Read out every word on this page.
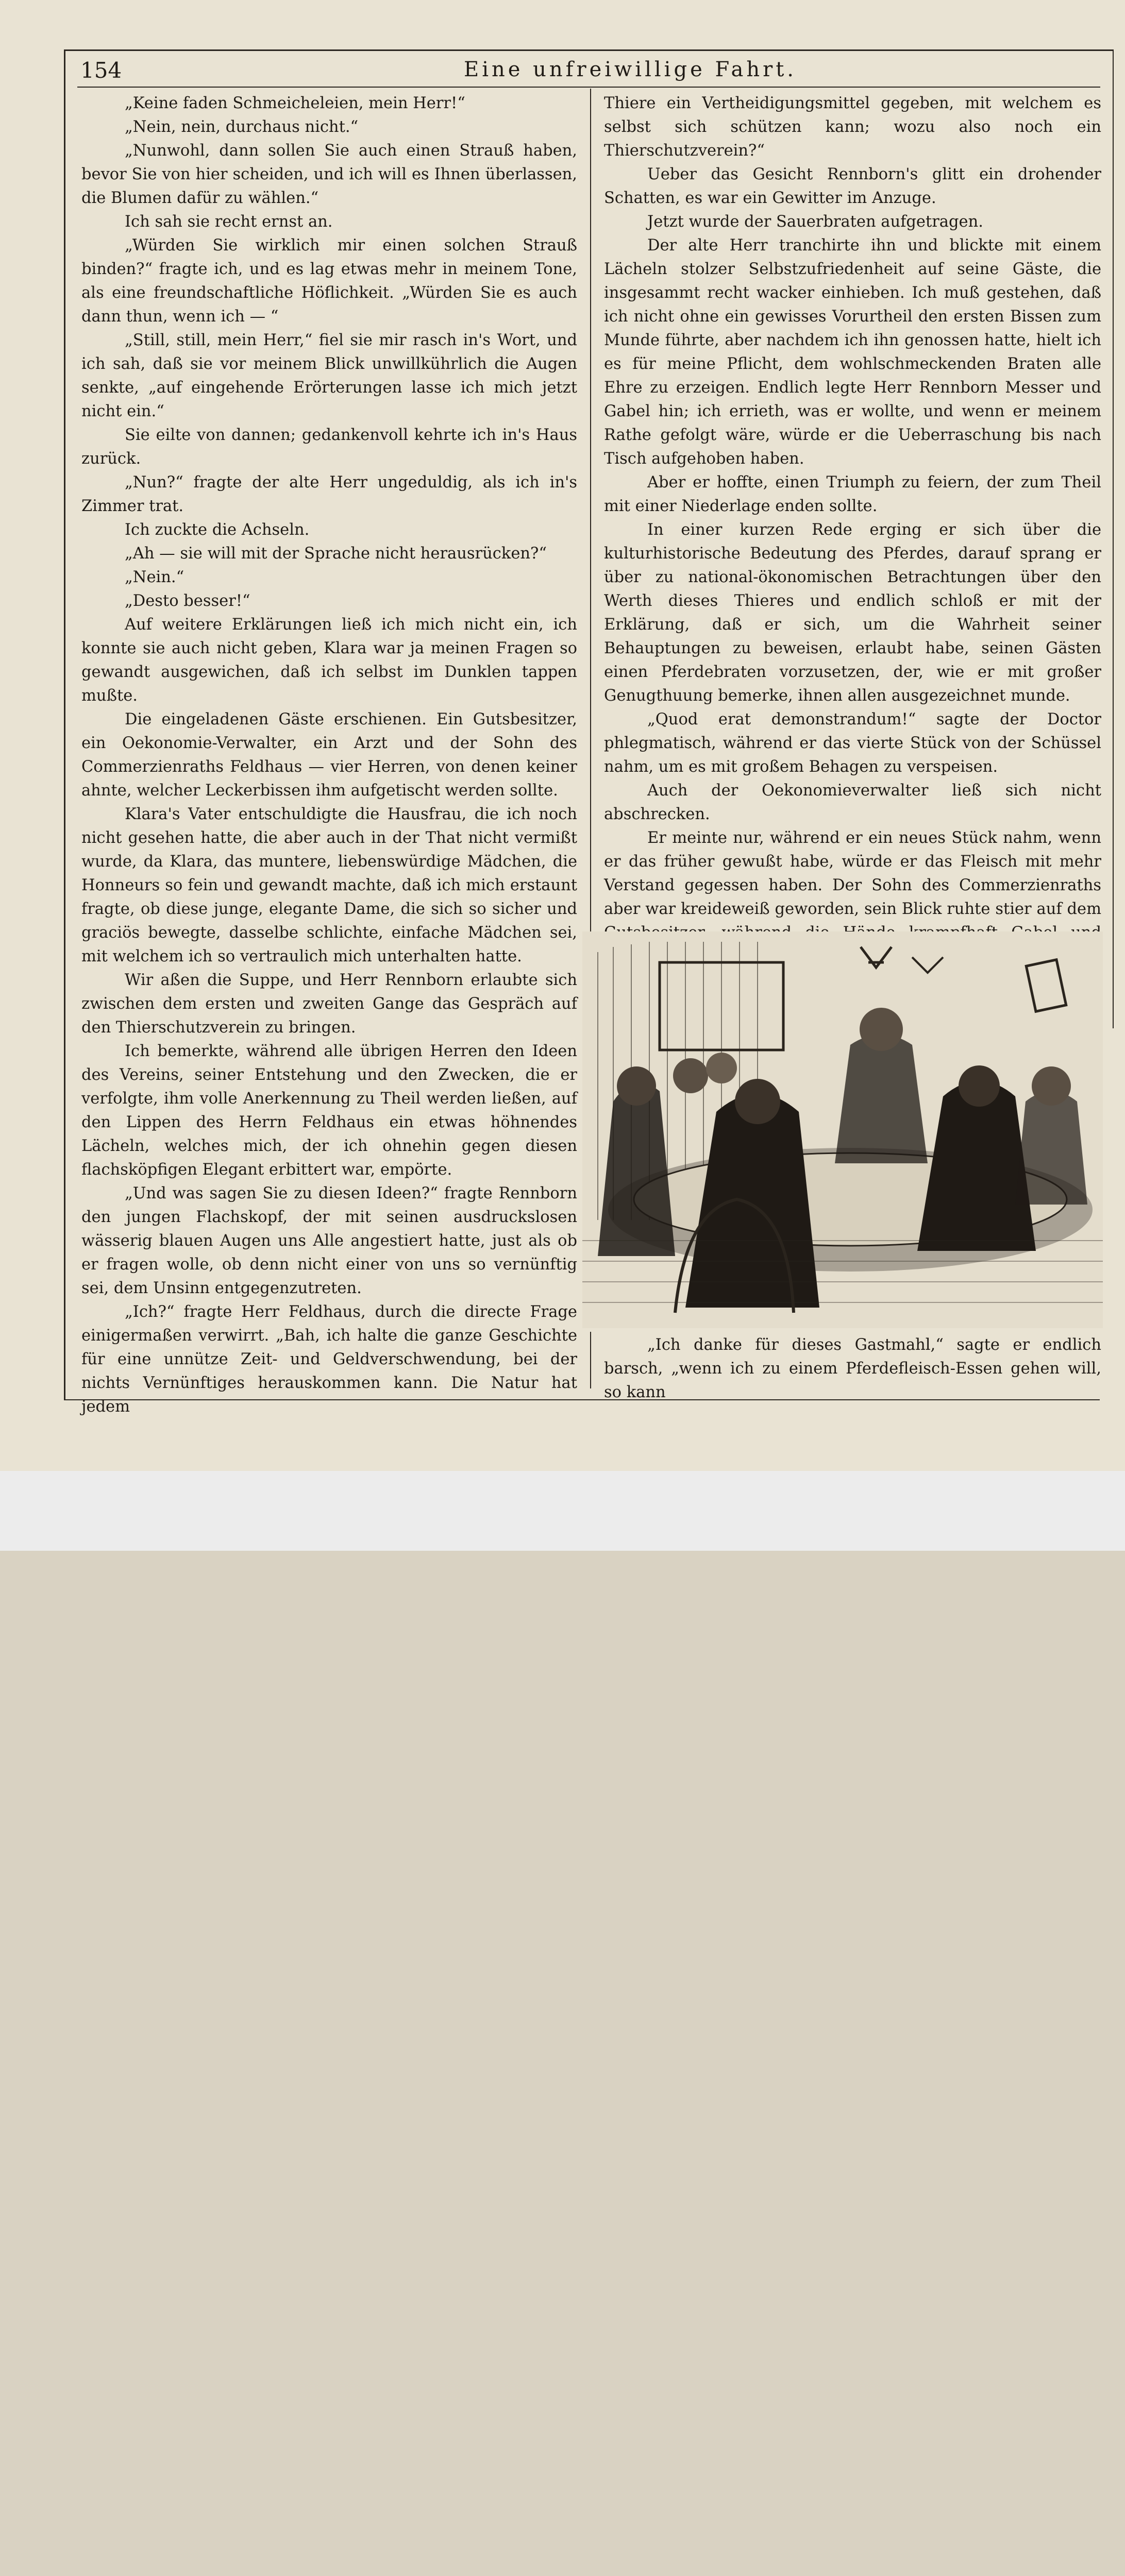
154	Eine unfreiwillige Fahrt.

„Keine faden Schmeicheleien, mein Herr!“

„Nein, nein, durchaus nicht.“

„Nunwohl, dann sollen Sie auch einen Strauß haben, bevor Sie von hier scheiden, und ich will es Ihnen überlassen, die Blumen dafür zu wählen.“

Ich sah sie recht ernst an.

„Würden Sie wirklich mir einen solchen Strauß binden?“ fragte ich, und es lag etwas mehr in meinem Tone, als eine freundschaftliche Höflichkeit. „Würden Sie es auch dann thun, wenn ich — “

„Still, still, mein Herr,“ fiel sie mir rasch in's Wort, und ich sah, daß sie vor meinem Blick unwillkührlich die Augen senkte, „auf eingehende Erörterungen lasse ich mich jetzt nicht ein.“

Sie eilte von dannen; gedankenvoll kehrte ich in's Haus zurück.

„Nun?“ fragte der alte Herr ungeduldig, als ich in's Zimmer trat.

Ich zuckte die Achseln.

„Ah — sie will mit der Sprache nicht herausrücken?“

„Nein.“

„Desto besser!“

Auf weitere Erklärungen ließ ich mich nicht ein, ich konnte sie auch nicht geben, Klara war ja meinen Fragen so gewandt ausgewichen, daß ich selbst im Dunklen tappen mußte.

Die eingeladenen Gäste erschienen. Ein Gutsbesitzer, ein Oekonomie-Verwalter, ein Arzt und der Sohn des Commerzienraths Feldhaus — vier Herren, von denen keiner ahnte, welcher Leckerbissen ihm aufgetischt werden sollte.

Klara's Vater entschuldigte die Hausfrau, die ich noch nicht gesehen hatte, die aber auch in der That nicht vermißt wurde, da Klara, das muntere, liebenswürdige Mädchen, die Honneurs so fein und gewandt machte, daß ich mich erstaunt fragte, ob diese junge, elegante Dame, die sich so sicher und graciös bewegte, dasselbe schlichte, einfache Mädchen sei, mit welchem ich so vertraulich mich unterhalten hatte.

Wir aßen die Suppe, und Herr Rennborn erlaubte sich zwischen dem ersten und zweiten Gange das Gespräch auf den Thierschutzverein zu bringen.

Ich bemerkte, während alle übrigen Herren den Ideen des Vereins, seiner Entstehung und den Zwecken, die er verfolgte, ihm volle Anerkennung zu Theil werden ließen, auf den Lippen des Herrn Feldhaus ein etwas höhnendes Lächeln, welches mich, der ich ohnehin gegen diesen flachsköpfigen Elegant erbittert war, empörte.

„Und was sagen Sie zu diesen Ideen?“ fragte Rennborn den jungen Flachskopf, der mit seinen ausdruckslosen wässerig blauen Augen uns Alle angestiert hatte, just als ob er fragen wolle, ob denn nicht einer von uns so vernünftig sei, dem Unsinn entgegenzutreten.

„Ich?“ fragte Herr Feldhaus, durch die directe Frage einigermaßen verwirrt. „Bah, ich halte die ganze Geschichte für eine unnütze Zeit- und Geldverschwendung, bei der nichts Vernünftiges herauskommen kann. Die Natur hat jedem

Thiere ein Vertheidigungsmittel gegeben, mit welchem es selbst sich schützen kann; wozu also noch ein Thierschutzverein?“

Ueber das Gesicht Rennborn's glitt ein drohender Schatten, es war ein Gewitter im Anzuge.

Jetzt wurde der Sauerbraten aufgetragen.

Der alte Herr tranchirte ihn und blickte mit einem Lächeln stolzer Selbstzufriedenheit auf seine Gäste, die insgesammt recht wacker einhieben. Ich muß gestehen, daß ich nicht ohne ein gewisses Vorurtheil den ersten Bissen zum Munde führte, aber nachdem ich ihn genossen hatte, hielt ich es für meine Pflicht, dem wohlschmeckenden Braten alle Ehre zu erzeigen. Endlich legte Herr Rennborn Messer und Gabel hin; ich errieth, was er wollte, und wenn er meinem Rathe gefolgt wäre, würde er die Ueberraschung bis nach Tisch aufgehoben haben.

Aber er hoffte, einen Triumph zu feiern, der zum Theil mit einer Niederlage enden sollte.

In einer kurzen Rede erging er sich über die kulturhistorische Bedeutung des Pferdes, darauf sprang er über zu national-ökonomischen Betrachtungen über den Werth dieses Thieres und endlich schloß er mit der Erklärung, daß er sich, um die Wahrheit seiner Behauptungen zu beweisen, erlaubt habe, seinen Gästen einen Pferdebraten vorzusetzen, der, wie er mit großer Genugthuung bemerke, ihnen allen ausgezeichnet munde.

„Quod erat demonstrandum!“ sagte der Doctor phlegmatisch, während er das vierte Stück von der Schüssel nahm, um es mit großem Behagen zu verspeisen.

Auch der Oekonomieverwalter ließ sich nicht abschrecken.

Er meinte nur, während er ein neues Stück nahm, wenn er das früher gewußt habe, würde er das Fleisch mit mehr Verstand gegessen haben. Der Sohn des Commerzienraths aber war kreideweiß geworden, sein Blick ruhte stier auf dem

„Ich danke für dieses Gastmahl,“ sagte er endlich barsch, „wenn ich zu einem Pferdefleisch-Essen gehen will, so kann
